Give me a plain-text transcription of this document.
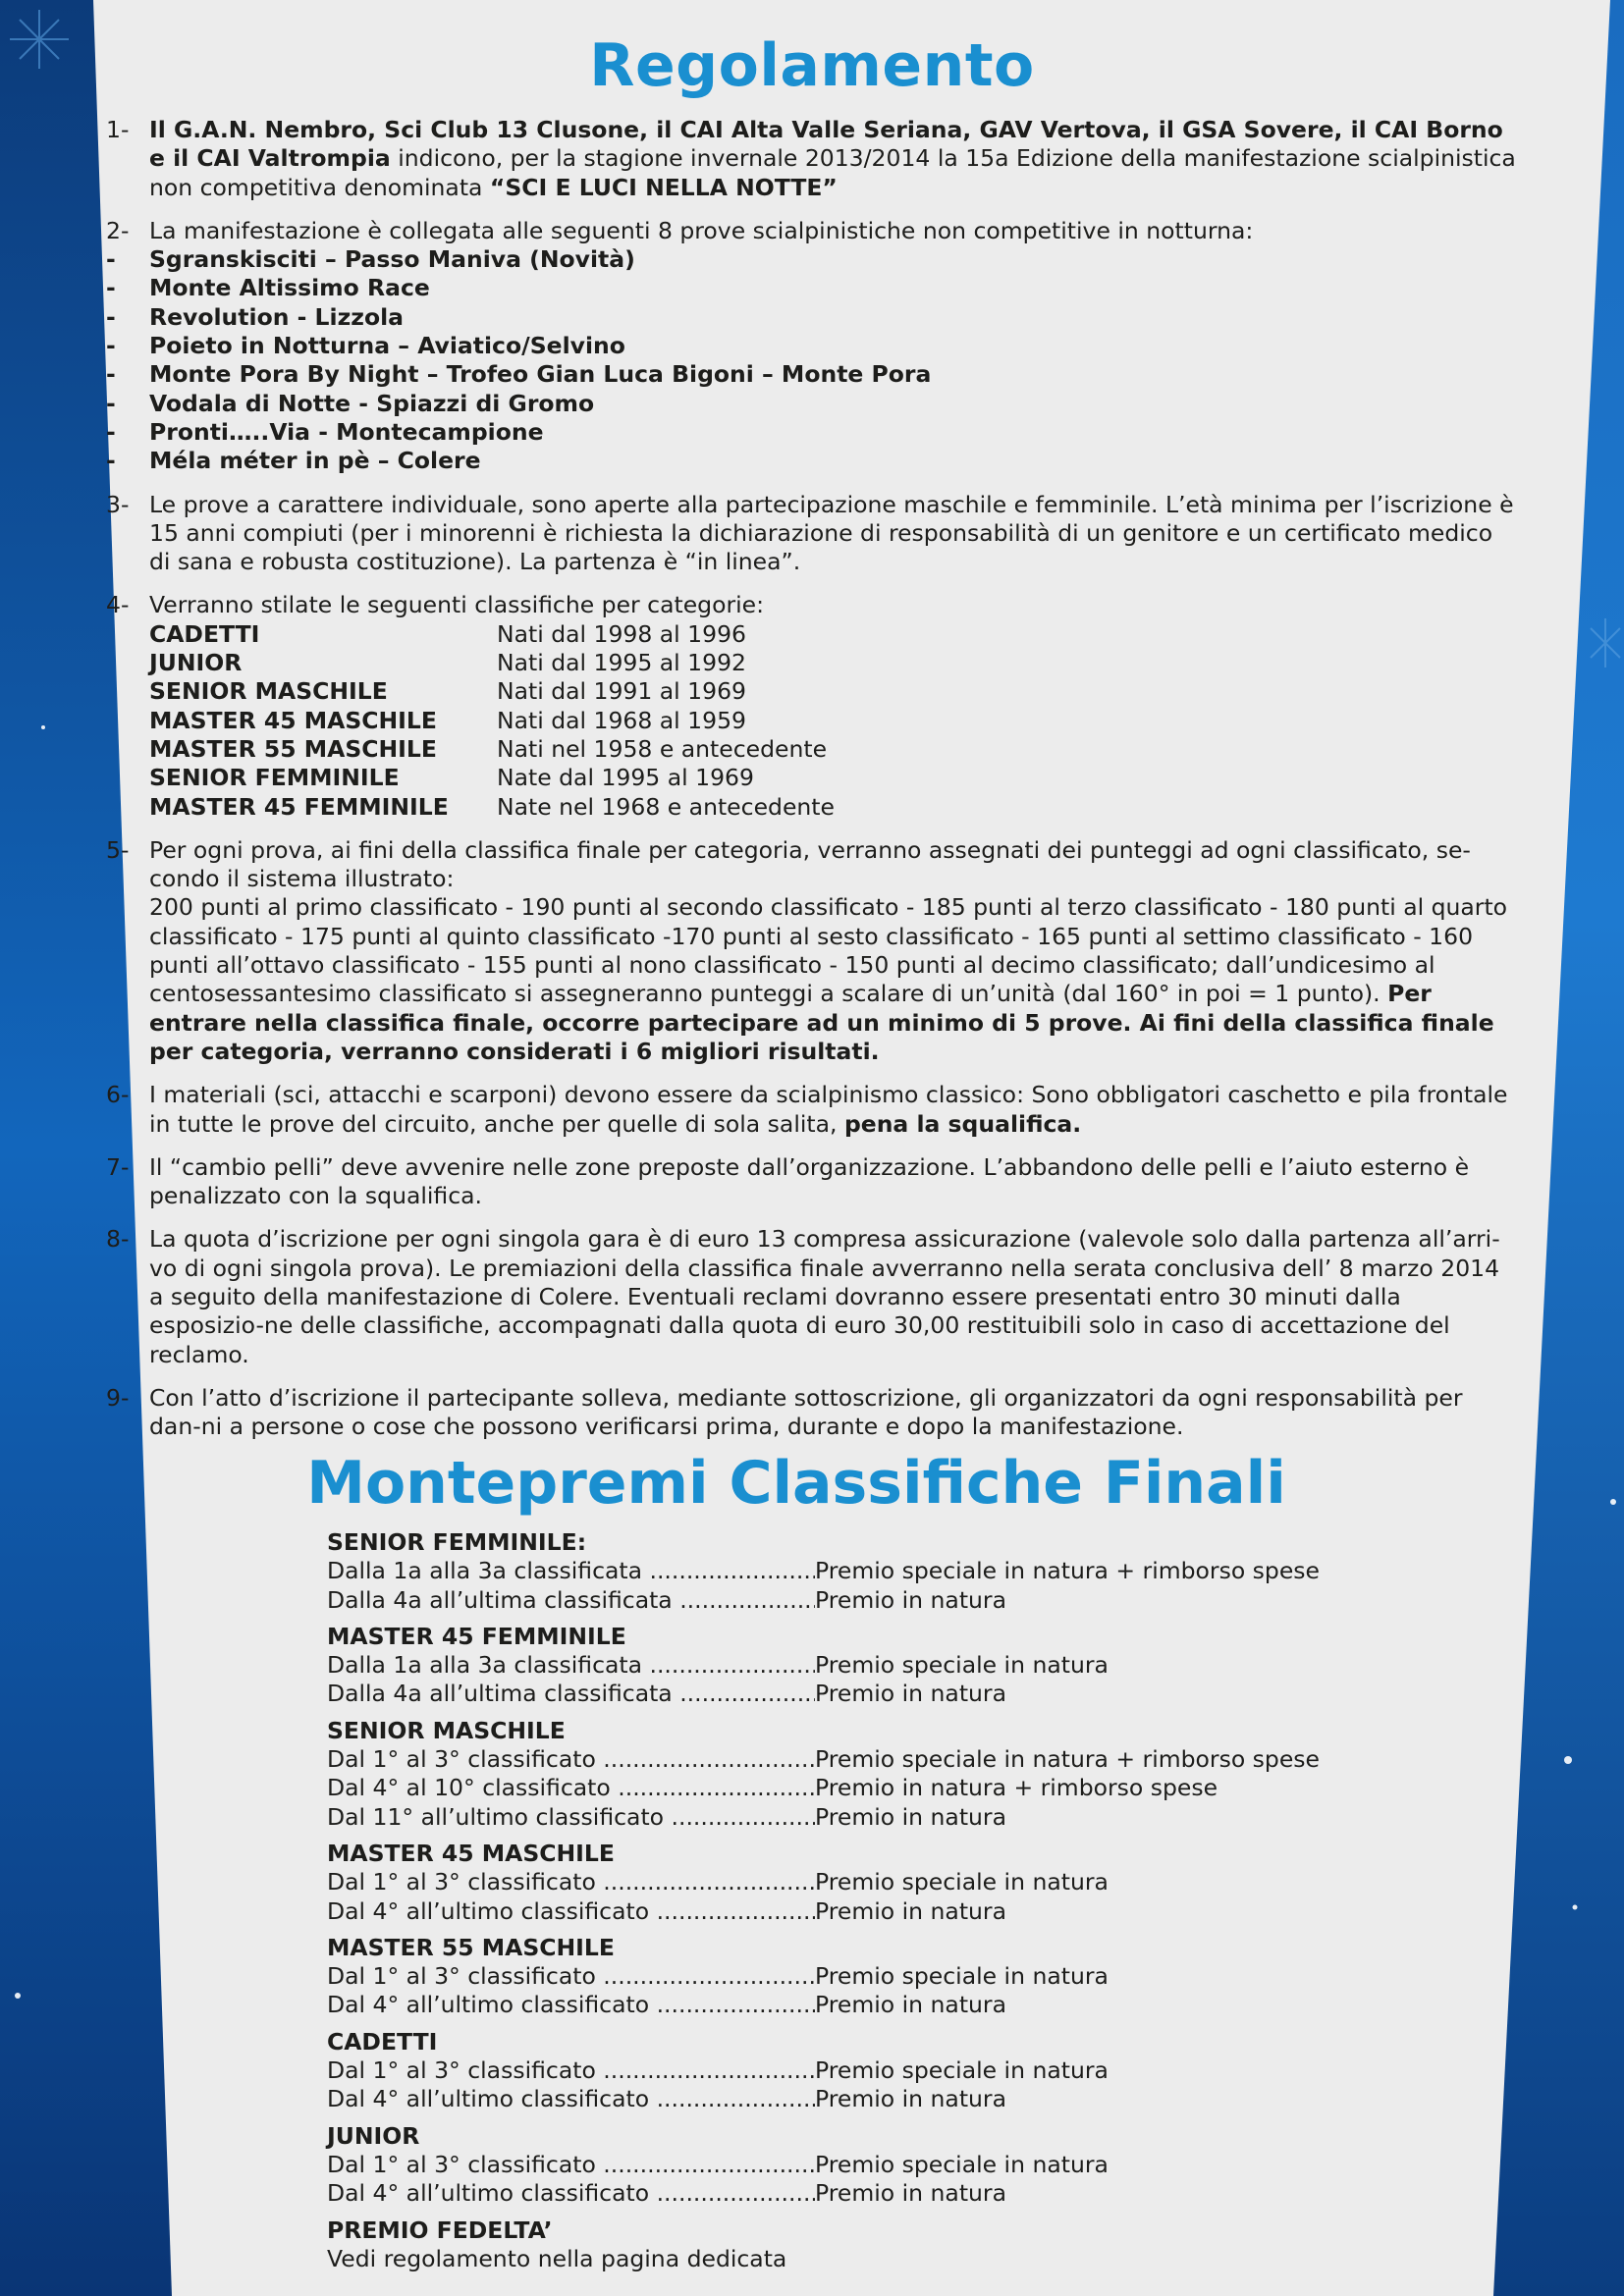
Regolamento
1- Il G.A.N. Nembro, Sci Club 13 Clusone, il CAI Alta Valle Seriana, GAV Vertova, il GSA Sovere, il CAI Borno e il CAI Valtrompia indicono, per la stagione invernale 2013/2014 la 15a Edizione della manifestazione scialpinistica non competitiva denominata “SCI E LUCI NELLA NOTTE”

2- La manifestazione è collegata alle seguenti 8 prove scialpinistiche non competitive in notturna:

- Sgranskisciti – Passo Maniva (Novità)
- Monte Altissimo Race
- Revolution - Lizzola
- Poieto in Notturna – Aviatico/Selvino
- Monte Pora By Night – Trofeo Gian Luca Bigoni – Monte Pora
- Vodala di Notte - Spiazzi di Gromo
- Pronti…..Via - Montecampione
- Méla méter in pè – Colere
3- Le prove a carattere individuale, sono aperte alla partecipazione maschile e femminile. L’età minima per l’iscrizione è 15 anni compiuti (per i minorenni è richiesta la dichiarazione di responsabilità di un genitore e un certificato medico di sana e robusta costituzione). La partenza è “in linea”.

4- Verranno stilate le seguenti classifiche per categorie:

CADETTI	Nati dal 1998 al 1996
JUNIOR	Nati dal 1995 al 1992
SENIOR MASCHILE	Nati dal 1991 al 1969
MASTER 45 MASCHILE	Nati dal 1968 al 1959
MASTER 55 MASCHILE	Nati nel 1958 e antecedente
SENIOR FEMMINILE	Nate dal 1995 al 1969
MASTER 45 FEMMINILE	Nate nel 1968 e antecedente
5- Per ogni prova, ai fini della classifica finale per categoria, verranno assegnati dei punteggi ad ogni classificato, se-condo il sistema illustrato:

200 punti al primo classificato - 190 punti al secondo classificato - 185 punti al terzo classificato - 180 punti al quarto classificato - 175 punti al quinto classificato -170 punti al sesto classificato - 165 punti al settimo classificato - 160 punti all’ottavo classificato - 155 punti al nono classificato - 150 punti al decimo classificato; dall’undicesimo al centosessantesimo classificato si assegneranno punteggi a scalare di un’unità (dal 160° in poi = 1 punto). Per entrare nella classifica finale, occorre partecipare ad un minimo di 5 prove. Ai fini della classifica finale per categoria, verranno considerati i 6 migliori risultati.

6- I materiali (sci, attacchi e scarponi) devono essere da scialpinismo classico: Sono obbligatori caschetto e pila frontale in tutte le prove del circuito, anche per quelle di sola salita, pena la squalifica.

7- Il “cambio pelli” deve avvenire nelle zone preposte dall’organizzazione. L’abbandono delle pelli e l’aiuto esterno è penalizzato con la squalifica.

8- La quota d’iscrizione per ogni singola gara è di euro 13 compresa assicurazione (valevole solo dalla partenza all’arri-vo di ogni singola prova). Le premiazioni della classifica finale avverranno nella serata conclusiva dell’ 8 marzo 2014 a seguito della manifestazione di Colere. Eventuali reclami dovranno essere presentati entro 30 minuti dalla esposizio-ne delle classifiche, accompagnati dalla quota di euro 30,00 restituibili solo in caso di accettazione del reclamo.

9- Con l’atto d’iscrizione il partecipante solleva, mediante sottoscrizione, gli organizzatori da ogni responsabilità per dan-ni a persone o cose che possono verificarsi prima, durante e dopo la manifestazione.

Montepremi Classifiche Finali
SENIOR FEMMINILE:
Dalla 1a alla 3a classificata .....	Premio speciale in natura + rimborso spese
Dalla 4a all’ultima classificata .....	Premio in natura
MASTER 45 FEMMINILE
Dalla 1a alla 3a classificata .....	Premio speciale in natura
Dalla 4a all’ultima classificata .....	Premio in natura
SENIOR MASCHILE
Dal 1° al 3° classificato .....	Premio speciale in natura + rimborso spese
Dal 4° al 10° classificato .....	Premio in natura + rimborso spese
Dal 11° all’ultimo classificato .....	Premio in natura
MASTER 45 MASCHILE
Dal 1° al 3° classificato .....	Premio speciale in natura
Dal 4° all’ultimo classificato .....	Premio in natura
MASTER 55 MASCHILE
Dal 1° al 3° classificato .....	Premio speciale in natura
Dal 4° all’ultimo classificato .....	Premio in natura
CADETTI
Dal 1° al 3° classificato .....	Premio speciale in natura
Dal 4° all’ultimo classificato .....	Premio in natura
JUNIOR
Dal 1° al 3° classificato .....	Premio speciale in natura
Dal 4° all’ultimo classificato .....	Premio in natura
PREMIO FEDELTA’
Vedi regolamento nella pagina dedicata
